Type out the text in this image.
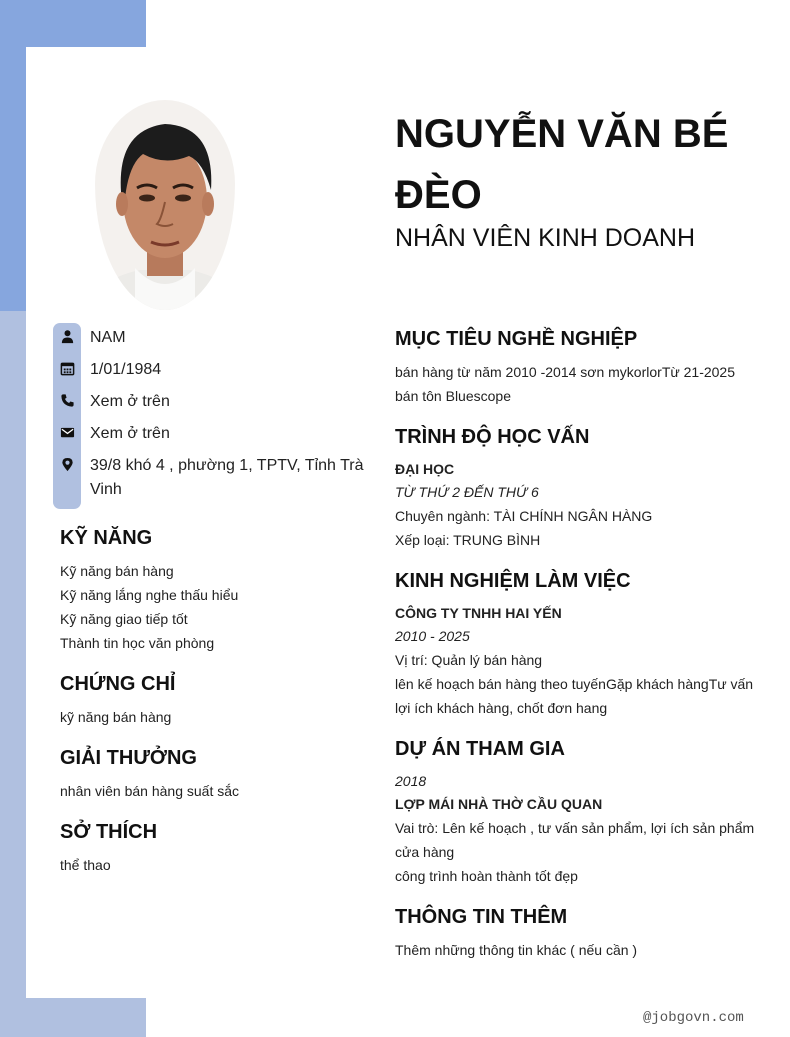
NGUYỄN VĂN BÉ ĐÈO
NHÂN VIÊN KINH DOANH
NAM
1/01/1984
Xem ở trên
Xem ở trên
39/8 khó 4 , phường 1, TPTV, Tỉnh Trà Vinh
KỸ NĂNG
Kỹ năng bán hàng
Kỹ năng lắng nghe thấu hiểu
Kỹ năng giao tiếp tốt
Thành tin học văn phòng
CHỨNG CHỈ
kỹ năng bán hàng
GIẢI THƯỞNG
nhân viên bán hàng suất sắc
SỞ THÍCH
thể thao
MỤC TIÊU NGHỀ NGHIỆP
bán hàng từ năm 2010 -2014 sơn mykorlorTừ 21-2025
bán tôn Bluescope
TRÌNH ĐỘ HỌC VẤN
ĐẠI HỌC
TỪ THỨ 2 ĐẾN THỨ 6
Chuyên ngành: TÀI CHÍNH NGÂN HÀNG
Xếp loại: TRUNG BÌNH
KINH NGHIỆM LÀM VIỆC
CÔNG TY TNHH HAI YẾN
2010 - 2025
Vị trí: Quản lý bán hàng
lên kế hoạch bán hàng theo tuyếnGặp khách hàngTư vấn
lợi ích khách hàng, chốt đơn hang
DỰ ÁN THAM GIA
2018
LỢP MÁI NHÀ THỜ CẦU QUAN
Vai trò: Lên kế hoạch , tư vấn sản phẩm, lợi ích sản phẩm
cửa hàng
công trình hoàn thành tốt đẹp
THÔNG TIN THÊM
Thêm những thông tin khác ( nếu cần )
@jobgovn.com
